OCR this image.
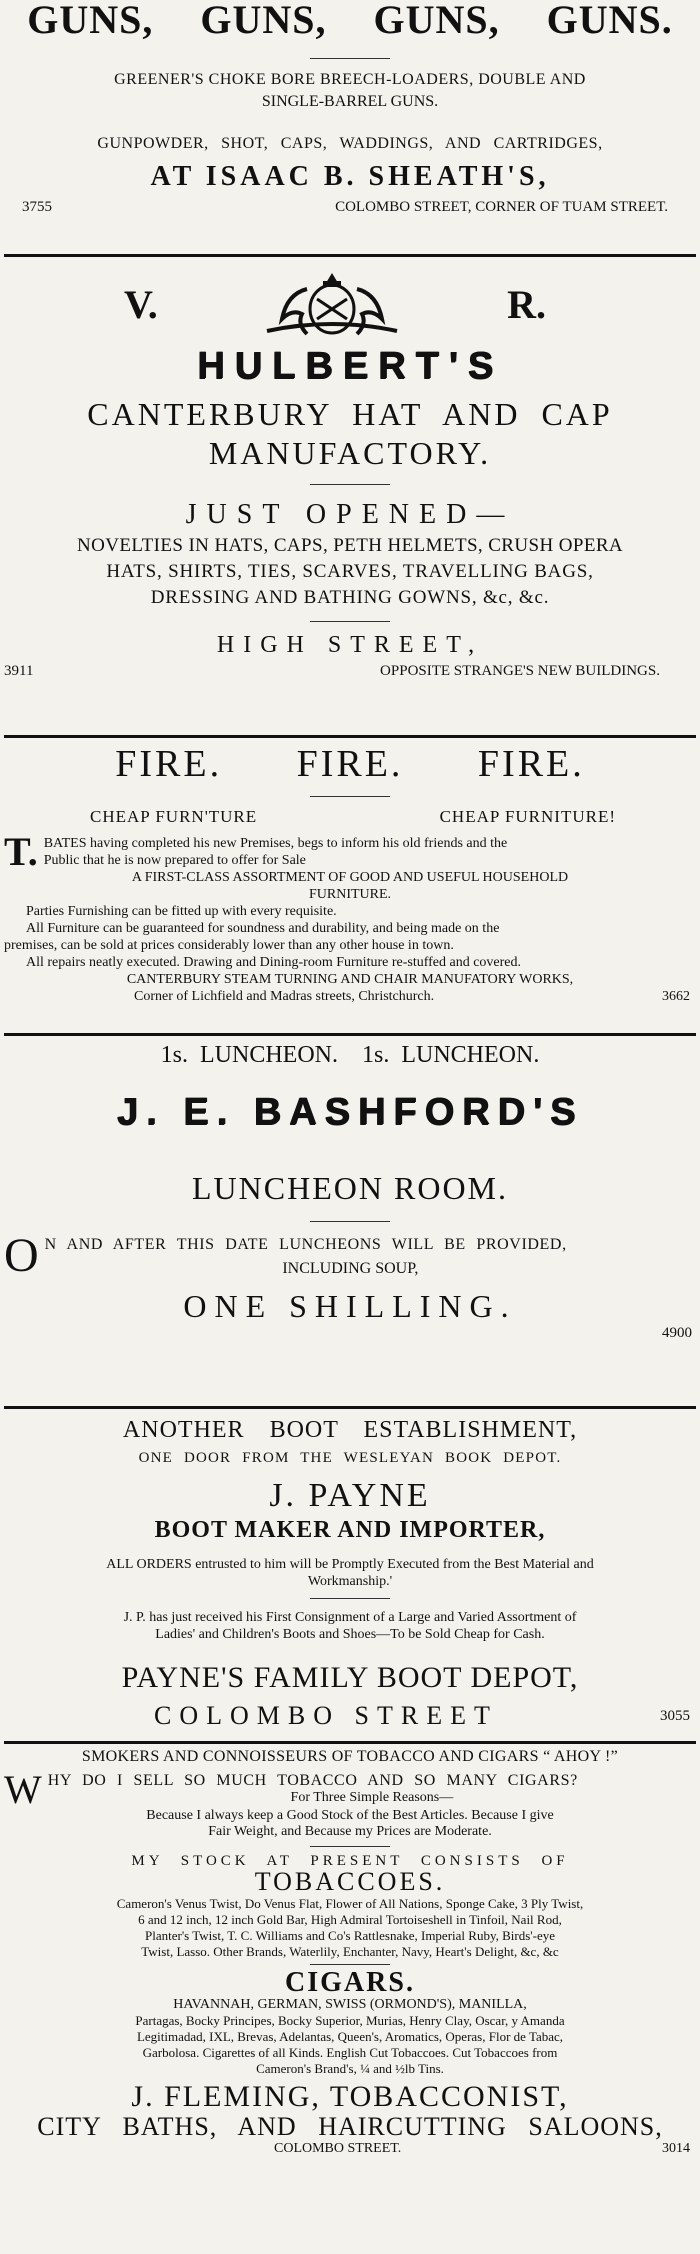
GUNS, GUNS, GUNS, GUNS.
GREENER'S CHOKE BORE BREECH-LOADERS, DOUBLE AND
SINGLE-BARREL GUNS.
GUNPOWDER, SHOT, CAPS, WADDINGS, AND CARTRIDGES,
AT ISAAC B. SHEATH'S,
3755	COLOMBO STREET, CORNER OF TUAM STREET.
V.	R.
HULBERT'S
CANTERBURY HAT AND CAP
MANUFACTORY.
JUST OPENED—
NOVELTIES IN HATS, CAPS, PETH HELMETS, CRUSH OPERA
HATS, SHIRTS, TIES, SCARVES, TRAVELLING BAGS,
DRESSING AND BATHING GOWNS, &c, &c.
HIGH STREET,
3911	OPPOSITE STRANGE'S NEW BUILDINGS.
FIRE. FIRE. FIRE.
CHEAP FURN'TURE	CHEAP FURNITURE!
T. BATES having completed his new Premises, begs to inform his old friends and the

Public that he is now prepared to offer for Sale

A FIRST-CLASS ASSORTMENT OF GOOD AND USEFUL HOUSEHOLD

FURNITURE.

Parties Furnishing can be fitted up with every requisite.

All Furniture can be guaranteed for soundness and durability, and being made on the

premises, can be sold at prices considerably lower than any other house in town.

All repairs neatly executed. Drawing and Dining-room Furniture re-stuffed and covered.

CANTERBURY STEAM TURNING AND CHAIR MANUFATORY WORKS,

Corner of Lichfield and Madras streets, Christchurch.	3662
1s. LUNCHEON.  1s. LUNCHEON.
J. E. BASHFORD'S
LUNCHEON ROOM.
O N AND AFTER THIS DATE LUNCHEONS WILL BE PROVIDED,

INCLUDING SOUP,

ONE SHILLING.

4900

ANOTHER BOOT ESTABLISHMENT,
ONE DOOR FROM THE WESLEYAN BOOK DEPOT.
J. PAYNE
BOOT MAKER AND IMPORTER,

ALL ORDERS entrusted to him will be Promptly Executed from the Best Material and

Workmanship.'

J. P. has just received his First Consignment of a Large and Varied Assortment of

Ladies' and Children's Boots and Shoes—To be Sold Cheap for Cash.

PAYNE'S FAMILY BOOT DEPOT,
COLOMBO STREET	3055
SMOKERS AND CONNOISSEURS OF TOBACCO AND CIGARS “ AHOY !”
W HY DO I SELL SO MUCH TOBACCO AND SO MANY CIGARS?

For Three Simple Reasons—

Because I always keep a Good Stock of the Best Articles. Because I give

Fair Weight, and Because my Prices are Moderate.

MY STOCK AT PRESENT CONSISTS OF
TOBACCOES.

Cameron's Venus Twist, Do Venus Flat, Flower of All Nations, Sponge Cake, 3 Ply Twist,

6 and 12 inch, 12 inch Gold Bar, High Admiral Tortoiseshell in Tinfoil, Nail Rod,

Planter's Twist, T. C. Williams and Co's Rattlesnake, Imperial Ruby, Birds'-eye

Twist, Lasso. Other Brands, Waterlily, Enchanter, Navy, Heart's Delight, &c, &c

CIGARS.

HAVANNAH, GERMAN, SWISS (ORMOND'S), MANILLA,

Partagas, Bocky Principes, Bocky Superior, Murias, Henry Clay, Oscar, y Amanda

Legitimadad, IXL, Brevas, Adelantas, Queen's, Aromatics, Operas, Flor de Tabac,

Garbolosa. Cigarettes of all Kinds. English Cut Tobaccoes. Cut Tobaccoes from

Cameron's Brand's, ¼ and ½lb Tins.

J. FLEMING, TOBACCONIST,
CITY BATHS, AND HAIRCUTTING SALOONS,
COLOMBO STREET.	3014
